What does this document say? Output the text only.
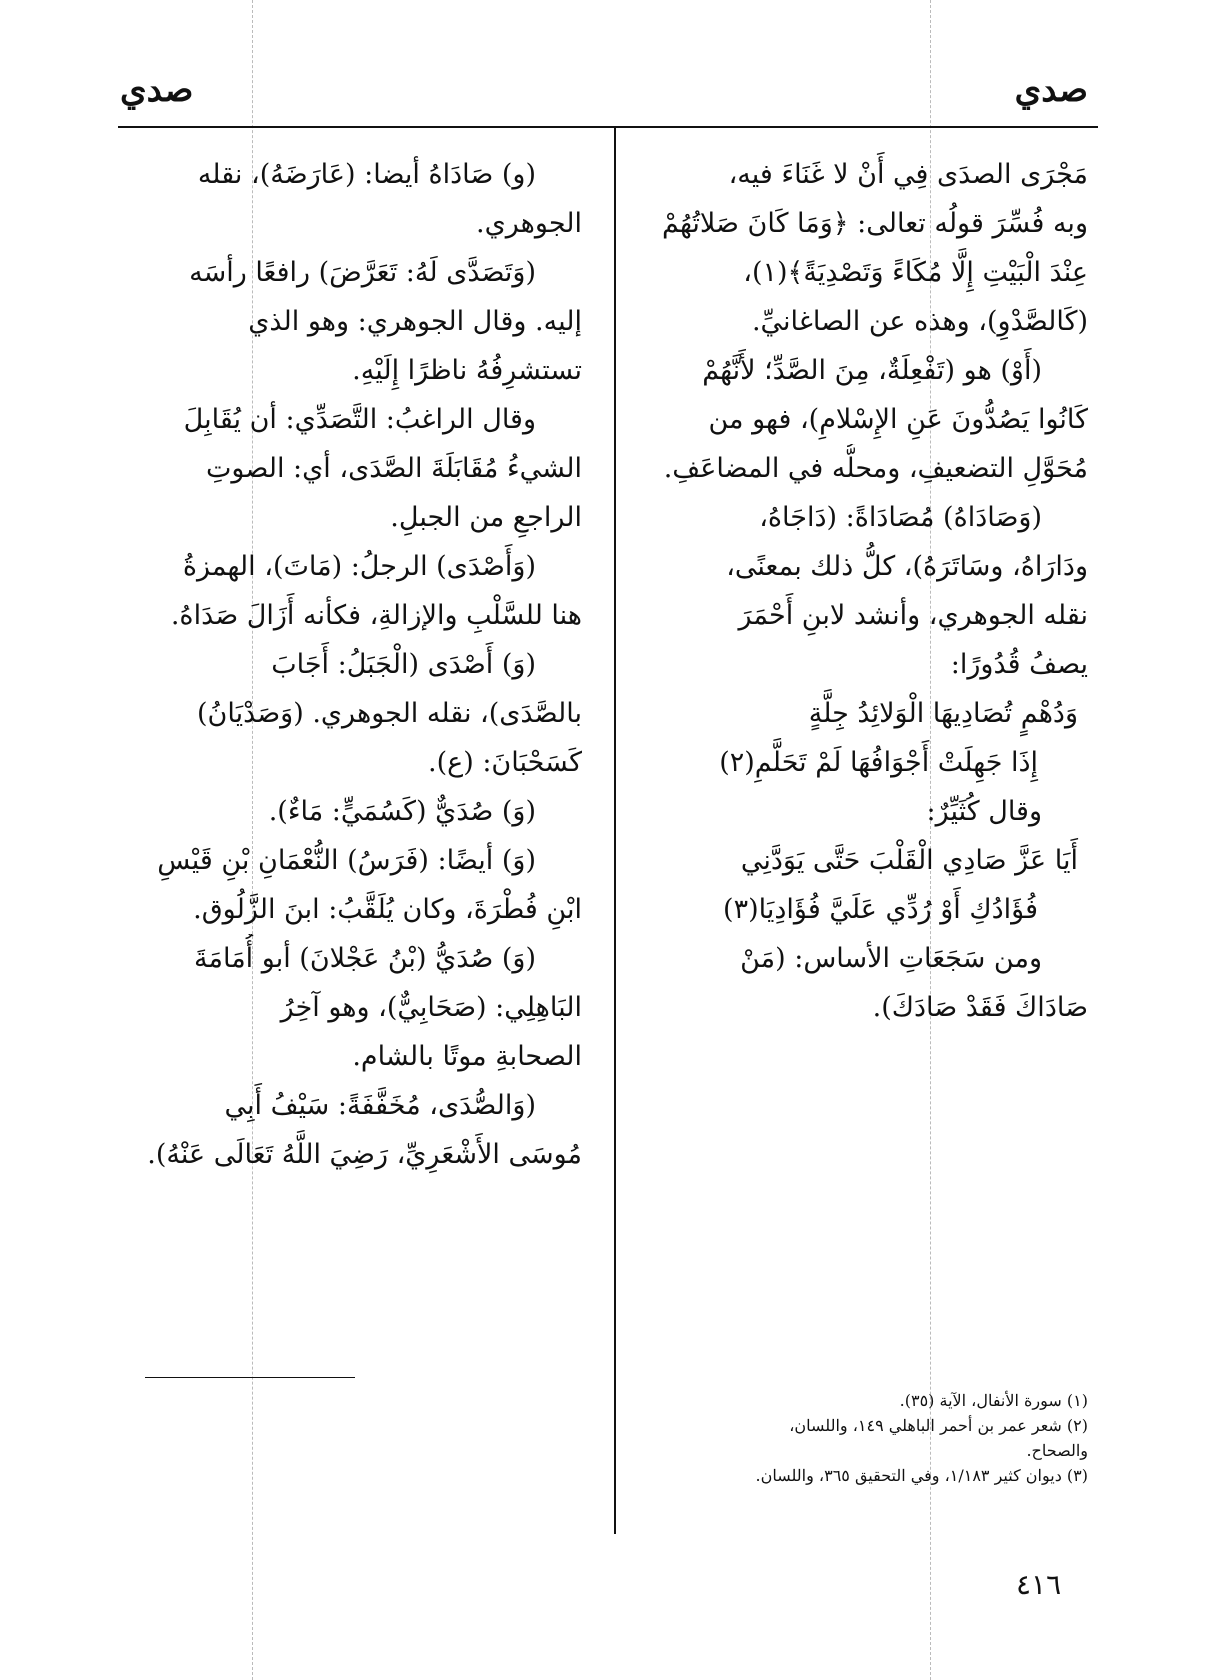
صدي
صدي
مَجْرَى الصدَى فِي أَنْ لا غَنَاءَ فيه،
وبه فُسِّرَ قولُه تعالى: ﴿وَمَا كَانَ صَلاتُهُمْ
عِنْدَ الْبَيْتِ إِلَّا مُكَاءً وَتَصْدِيَةً﴾(١)،
(كَالصَّدْوِ)، وهذه عن الصاغانيِّ.
(أَوْ) هو (تَفْعِلَةٌ، مِنَ الصَّدِّ؛ لأَنَّهُمْ
كَانُوا يَصُدُّونَ عَنِ الإِسْلامِ)، فهو من
مُحَوَّلِ التضعيفِ، ومحلُّه في المضاعَفِ.
(وَصَادَاهُ) مُصَادَاةً: (دَاجَاهُ،
ودَارَاهُ، وسَاتَرَهُ)، كلُّ ذلك بمعنًى،
نقله الجوهري، وأنشد لابنِ أَحْمَرَ
يصفُ قُدُورًا:
وَدُهْمٍ تُصَادِيهَا الْوَلائِدُ جِلَّةٍ
إِذَا جَهِلَتْ أَجْوَافُهَا لَمْ تَحَلَّمِ(٢)
وقال كُثَيِّرٌ:
أَيَا عَزَّ صَادِي الْقَلْبَ حَتَّى يَوَدَّنِي
فُؤَادُكِ أَوْ رُدِّي عَلَيَّ فُؤَادِيَا(٣)
ومن سَجَعَاتِ الأساس: (مَنْ
صَادَاكَ فَقَدْ صَادَكَ).
(و) صَادَاهُ أيضا: (عَارَضَهُ)، نقله
الجوهري.
(وَتَصَدَّى لَهُ: تَعَرَّضَ) رافعًا رأسَه
إليه. وقال الجوهري: وهو الذي
تستشرِفُهُ ناظرًا إِلَيْهِ.
وقال الراغبُ: التَّصَدِّي: أن يُقَابِلَ
الشيءُ مُقَابَلَةَ الصَّدَى، أي: الصوتِ
الراجعِ من الجبلِ.
(وَأَصْدَى) الرجلُ: (مَاتَ)، الهمزةُ
هنا للسَّلْبِ والإزالةِ، فكأنه أَزَالَ صَدَاهُ.
(وَ) أَصْدَى (الْجَبَلُ: أَجَابَ
بالصَّدَى)، نقله الجوهري. (وَصَدْيَانُ)
كَسَحْبَانَ: (ع).
(وَ) صُدَيٌّ (كَسُمَيٍّ: مَاءٌ).
(وَ) أيضًا: (فَرَسُ) النُّعْمَانِ بْنِ قَيْسِ
ابْنِ فُطْرَةَ، وكان يُلَقَّبُ: ابنَ الزَّلُوق.
(وَ) صُدَيُّ (بْنُ عَجْلانَ) أبو أُمَامَةَ
البَاهِلِي: (صَحَابِيٌّ)، وهو آخِرُ
الصحابةِ موتًا بالشام.
(وَالصُّدَى، مُخَفَّفَةً: سَيْفُ أَبِي
مُوسَى الأَشْعَرِيِّ، رَضِيَ اللَّهُ تَعَالَى عَنْهُ).
(١) سورة الأنفال، الآية (٣٥).
(٢) شعر عمر بن أحمر الباهلي ١٤٩، واللسان،
والصحاح.
(٣) ديوان كثير ١/١٨٣، وفي التحقيق ٣٦٥، واللسان.
٤١٦
